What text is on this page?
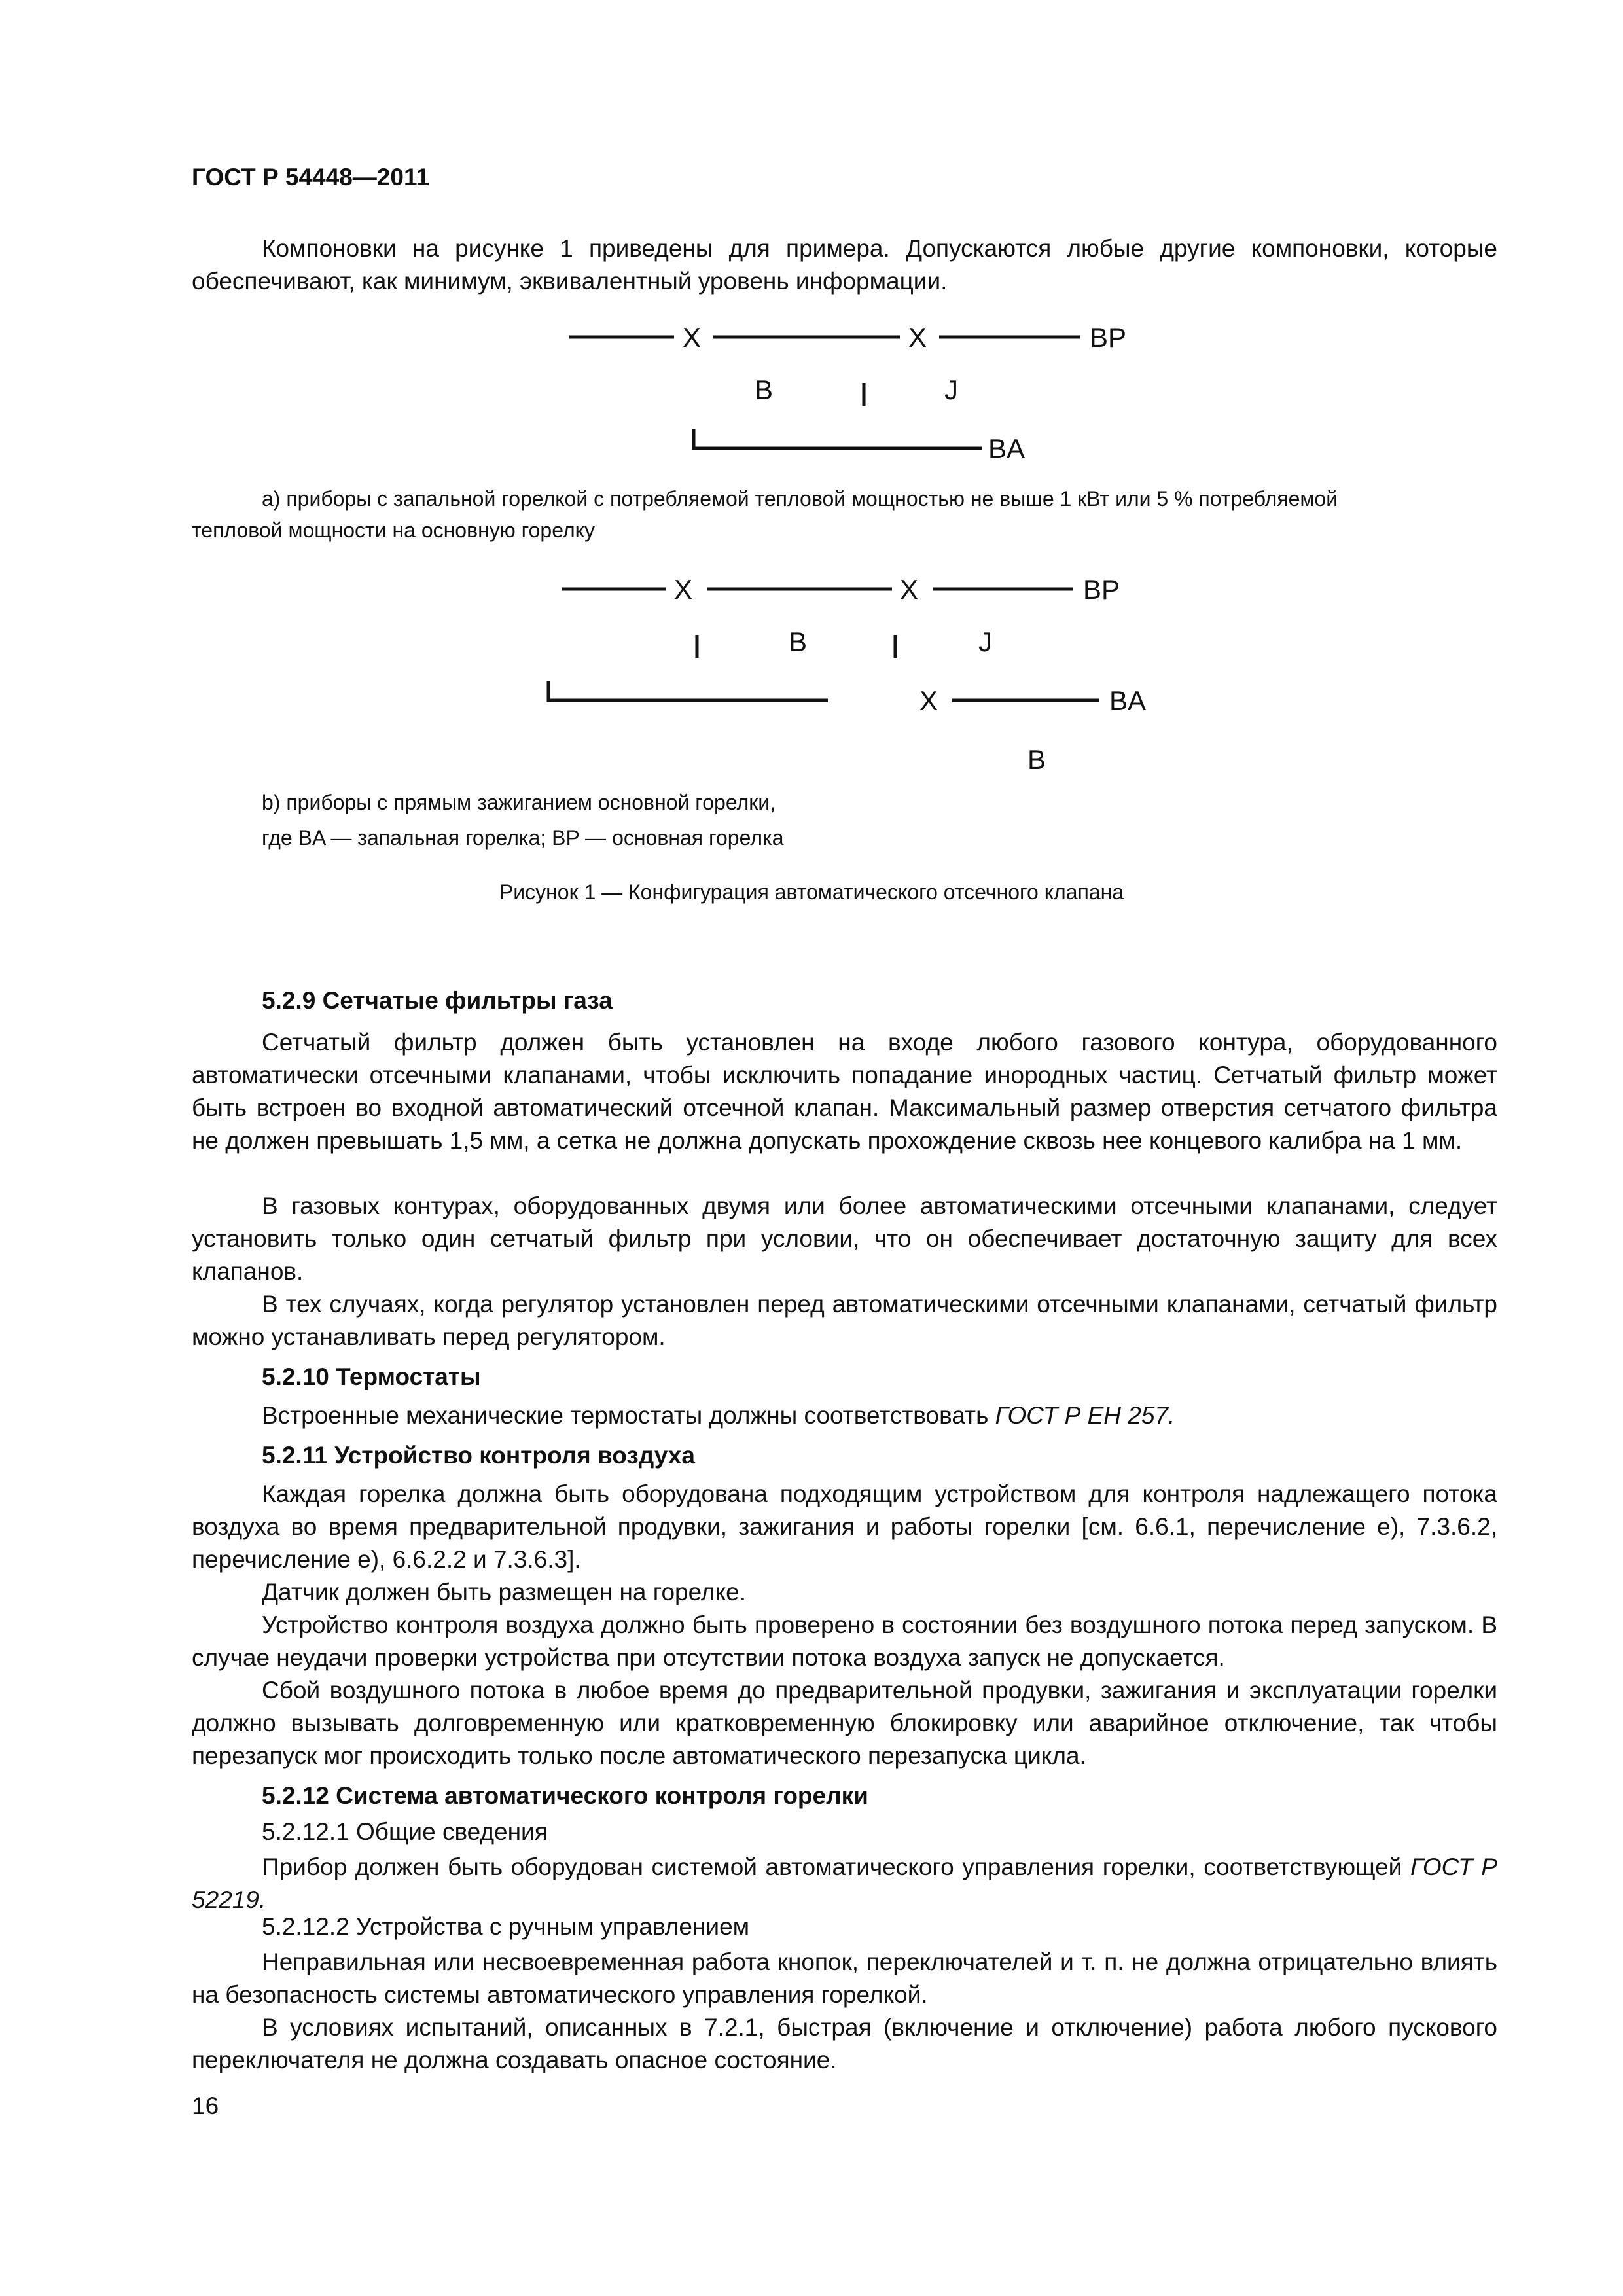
ГОСТ Р 54448—2011
Компоновки на рисунке 1 приведены для примера. Допускаются любые другие компоновки, которые обеспечивают, как минимум, эквивалентный уровень информации.
X	X	BP
B	J
BA
a) приборы с запальной горелкой с потребляемой тепловой мощностью не выше 1 кВт или 5 % потребляемой
тепловой мощности на основную горелку
X	X	BP
B	J
X	BA
B
b) приборы с прямым зажиганием основной горелки,
где BA — запальная горелка; BP — основная горелка
Рисунок 1 — Конфигурация автоматического отсечного клапана
5.2.9 Сетчатые фильтры газа
Сетчатый фильтр должен быть установлен на входе любого газового контура, оборудованного автоматически отсечными клапанами, чтобы исключить попадание инородных частиц. Сетчатый фильтр может быть встроен во входной автоматический отсечной клапан. Максимальный размер отверстия сетчатого фильтра не должен превышать 1,5 мм, а сетка не должна допускать прохождение сквозь нее концевого калибра на 1 мм.
В газовых контурах, оборудованных двумя или более автоматическими отсечными клапанами, следует установить только один сетчатый фильтр при условии, что он обеспечивает достаточную защиту для всех клапанов.
В тех случаях, когда регулятор установлен перед автоматическими отсечными клапанами, сетчатый фильтр можно устанавливать перед регулятором.
5.2.10 Термостаты
Встроенные механические термостаты должны соответствовать ГОСТ Р ЕН 257.
5.2.11 Устройство контроля воздуха
Каждая горелка должна быть оборудована подходящим устройством для контроля надлежащего потока воздуха во время предварительной продувки, зажигания и работы горелки [см. 6.6.1, перечисление е), 7.3.6.2, перечисление е), 6.6.2.2 и 7.3.6.3].
Датчик должен быть размещен на горелке.
Устройство контроля воздуха должно быть проверено в состоянии без воздушного потока перед запуском. В случае неудачи проверки устройства при отсутствии потока воздуха запуск не допускается.
Сбой воздушного потока в любое время до предварительной продувки, зажигания и эксплуатации горелки должно вызывать долговременную или кратковременную блокировку или аварийное отключение, так чтобы перезапуск мог происходить только после автоматического перезапуска цикла.
5.2.12 Система автоматического контроля горелки
5.2.12.1 Общие сведения
Прибор должен быть оборудован системой автоматического управления горелки, соответствующей ГОСТ Р 52219.
5.2.12.2 Устройства с ручным управлением
Неправильная или несвоевременная работа кнопок, переключателей и т. п. не должна отрицательно влиять на безопасность системы автоматического управления горелкой.
В условиях испытаний, описанных в 7.2.1, быстрая (включение и отключение) работа любого пускового переключателя не должна создавать опасное состояние.
16
